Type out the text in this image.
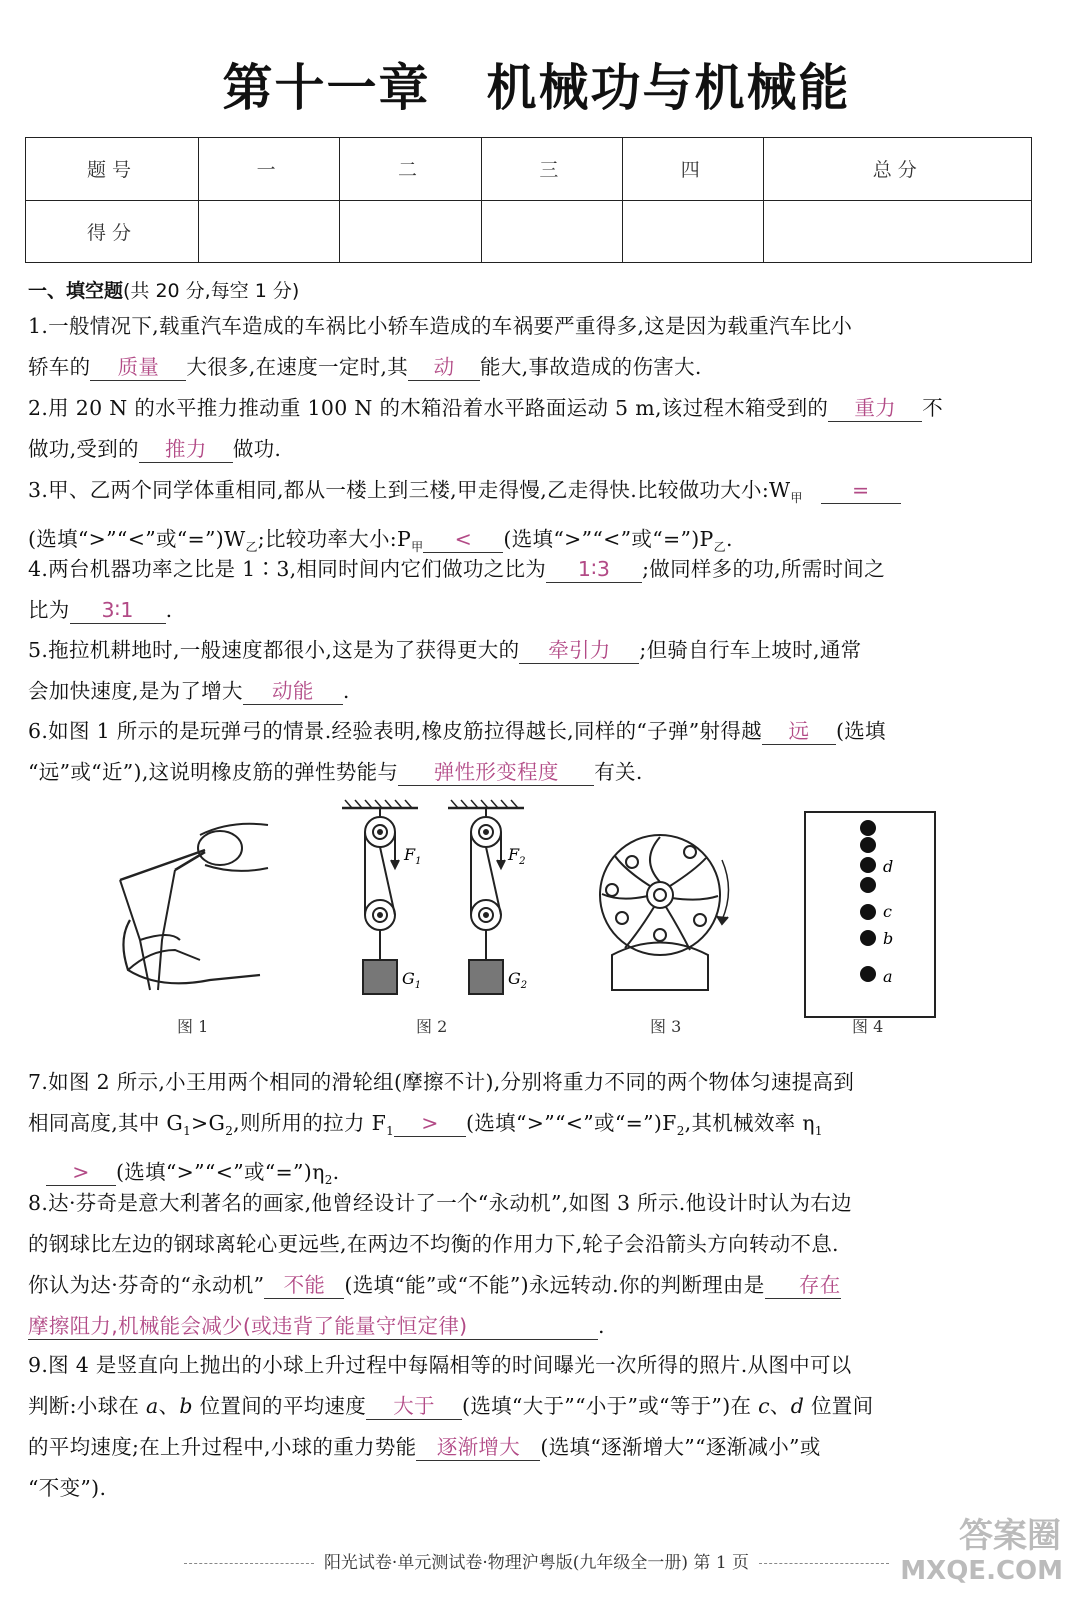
第十一章 机械功与机械能
题号	一	二	三	四	总分
得分					
一、填空题(共 20 分,每空 1 分)
1.一般情况下,载重汽车造成的车祸比小轿车造成的车祸要严重得多,这是因为载重汽车比小
轿车的 质量 大很多,在速度一定时,其 动 能大,事故造成的伤害大.
2.用 20 N 的水平推力推动重 100 N 的木箱沿着水平路面运动 5 m,该过程木箱受到的 重力 不
做功,受到的 推力 做功.
3.甲、乙两个同学体重相同,都从一楼上到三楼,甲走得慢,乙走得快.比较做功大小$:W_甲$ =
(选填“>”“<”或“$=”)W_乙$;比较功率大小$:P_甲$ < (选填“>”“<”或“$=”)P_乙$.
4.两台机器功率之比是 1∶3,相同时间内它们做功之比为 1∶3 ;做同样多的功,所需时间之
比为 3∶1 .
5.拖拉机耕地时,一般速度都很小,这是为了获得更大的 牵引力 ;但骑自行车上坡时,通常
会加快速度,是为了增大 动能 .
6.如图 1 所示的是玩弹弓的情景.经验表明,橡皮筋拉得越长,同样的“子弹”射得越 远 (选填
“远”或“近”),这说明橡皮筋的弹性势能与 弹性形变程度 有关.
$F_1$
$G_1$
$F_2$
$G_2$
d
c
b
a
图 1	图 2	图 3	图 4
7.如图 2 所示,小王用两个相同的滑轮组(摩擦不计),分别将重力不同的两个物体匀速提高到
相同高度,其中 $G_1>G_2$,则所用的拉力 $F_1$ > (选填“>”“<”或“$=”)F_2$,其机械效率 $\eta_1$
> (选填“>”“<”或“$=”)\eta_2$.
8.达·芬奇是意大利著名的画家,他曾经设计了一个“永动机”,如图 3 所示.他设计时认为右边
的钢球比左边的钢球离轮心更远些,在两边不均衡的作用力下,轮子会沿箭头方向转动不息.
你认为达·芬奇的“永动机” 不能 (选填“能”或“不能”)永远转动.你的判断理由是 存在
摩擦阻力,机械能会减少(或违背了能量守恒定律)	.
9.图 4 是竖直向上抛出的小球上升过程中每隔相等的时间曝光一次所得的照片.从图中可以
判断:小球在 a、b 位置间的平均速度 大于 (选填“大于”“小于”或“等于”)在 c、d 位置间
的平均速度;在上升过程中,小球的重力势能 逐渐增大 (选填“逐渐增大”“逐渐减小”或
“不变”).
阳光试卷·单元测试卷·物理沪粤版(九年级全一册) 第 1 页
答案圈
MXQE.COM
